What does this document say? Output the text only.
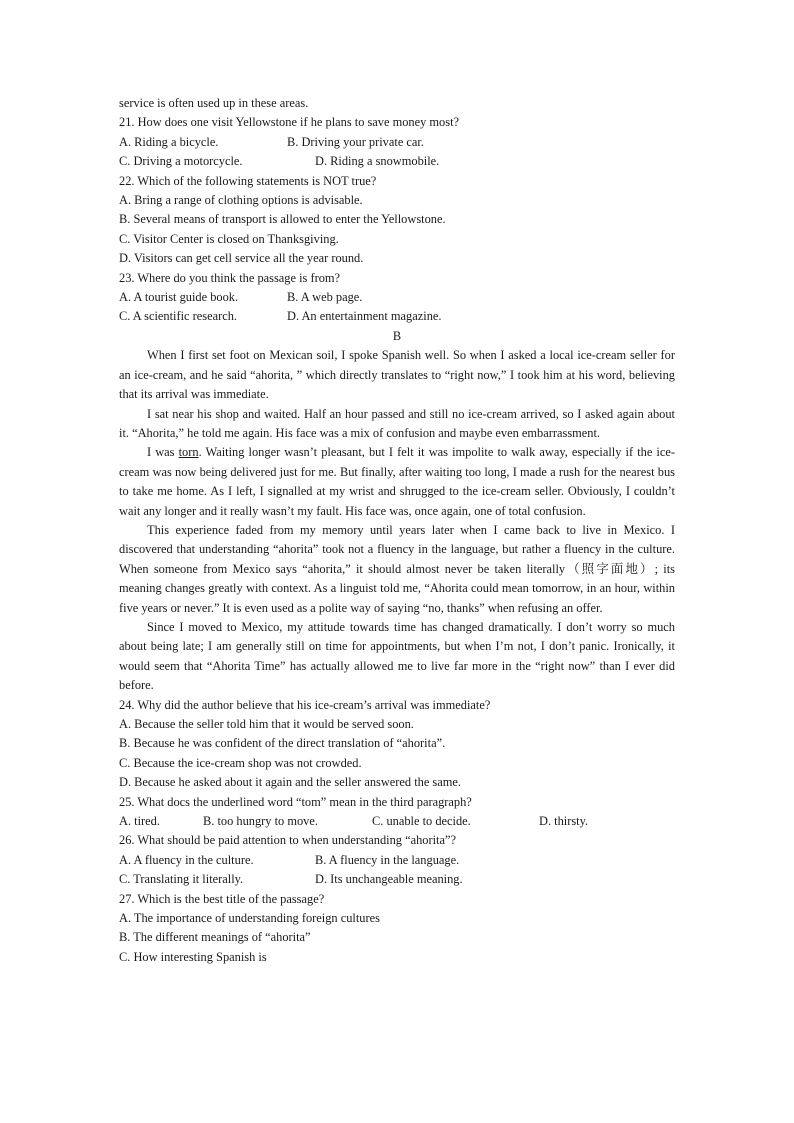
service is often used up in these areas.
21. How does one visit Yellowstone if he plans to save money most?
A. Riding a bicycle.	B. Driving your private car.
C. Driving a motorcycle.	D. Riding a snowmobile.
22. Which of the following statements is NOT true?
A. Bring a range of clothing options is advisable.
B. Several means of transport is allowed to enter the Yellowstone.
C. Visitor Center is closed on Thanksgiving.
D. Visitors can get cell service all the year round.
23. Where do you think the passage is from?
A. A tourist guide book.	B. A web page.
C. A scientific research.	D. An entertainment magazine.
B

When I first set foot on Mexican soil, I spoke Spanish well. So when I asked a local ice-cream seller for an ice-cream, and he said “ahorita, ” which directly translates to “right now,” I took him at his word, believing that its arrival was immediate.

I sat near his shop and waited. Half an hour passed and still no ice-cream arrived, so I asked again about it. “Ahorita,” he told me again. His face was a mix of confusion and maybe even embarrassment.

I was torn. Waiting longer wasn’t pleasant, but I felt it was impolite to walk away, especially if the ice-cream was now being delivered just for me. But finally, after waiting too long, I made a rush for the nearest bus to take me home. As I left, I signalled at my wrist and shrugged to the ice-cream seller. Obviously, I couldn’t wait any longer and it really wasn’t my fault. His face was, once again, one of total confusion.

This experience faded from my memory until years later when I came back to live in Mexico. I discovered that understanding “ahorita” took not a fluency in the language, but rather a fluency in the culture. When someone from Mexico says “ahorita,” it should almost never be taken literally（照字面地）; its meaning changes greatly with context. As a linguist told me, “Ahorita could mean tomorrow, in an hour, within five years or never.” It is even used as a polite way of saying “no, thanks” when refusing an offer.

Since I moved to Mexico, my attitude towards time has changed dramatically. I don’t worry so much about being late; I am generally still on time for appointments, but when I’m not, I don’t panic. Ironically, it would seem that “Ahorita Time” has actually allowed me to live far more in the “right now” than I ever did before.

24. Why did the author believe that his ice-cream’s arrival was immediate?
A. Because the seller told him that it would be served soon.
B. Because he was confident of the direct translation of “ahorita”.
C. Because the ice-cream shop was not crowded.
D. Because he asked about it again and the seller answered the same.
25. What docs the underlined word “tom” mean in the third paragraph?
A. tired.	B. too hungry to move.	C. unable to decide.	D. thirsty.
26. What should be paid attention to when understanding “ahorita”?
A. A fluency in the culture.	B. A fluency in the language.
C. Translating it literally.	D. Its unchangeable meaning.
27. Which is the best title of the passage?
A. The importance of understanding foreign cultures
B. The different meanings of “ahorita”
C. How interesting Spanish is
